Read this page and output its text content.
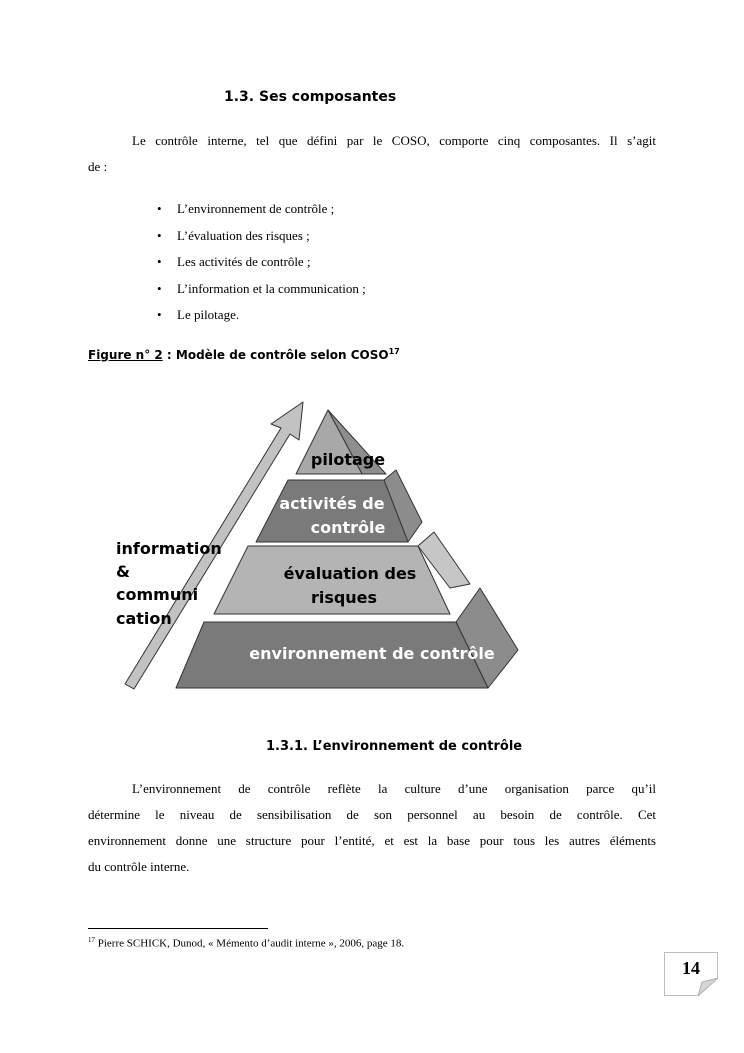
1.3. Ses composantes
Le contrôle interne, tel que défini par le COSO, comporte cinq composantes. Il s’agit
de :
• L’environnement de contrôle ;
• L’évaluation des risques ;
• Les activités de contrôle ;
• L’information et la communication ;
• Le pilotage.
Figure n° 2 : Modèle de contrôle selon COSO$^{17}$
pilotage
activités de
contrôle
évaluation des
risques
environnement de contrôle
information
&
communi
cation
1.3.1. L’environnement de contrôle
L’environnement de contrôle reflète la culture d’une organisation parce qu’il
détermine le niveau de sensibilisation de son personnel au besoin de contrôle. Cet
environnement donne une structure pour l’entité, et est la base pour tous les autres éléments
du contrôle interne.
$^{17}$ Pierre SCHICK, Dunod, « Mémento d’audit interne », 2006, page 18.
14
